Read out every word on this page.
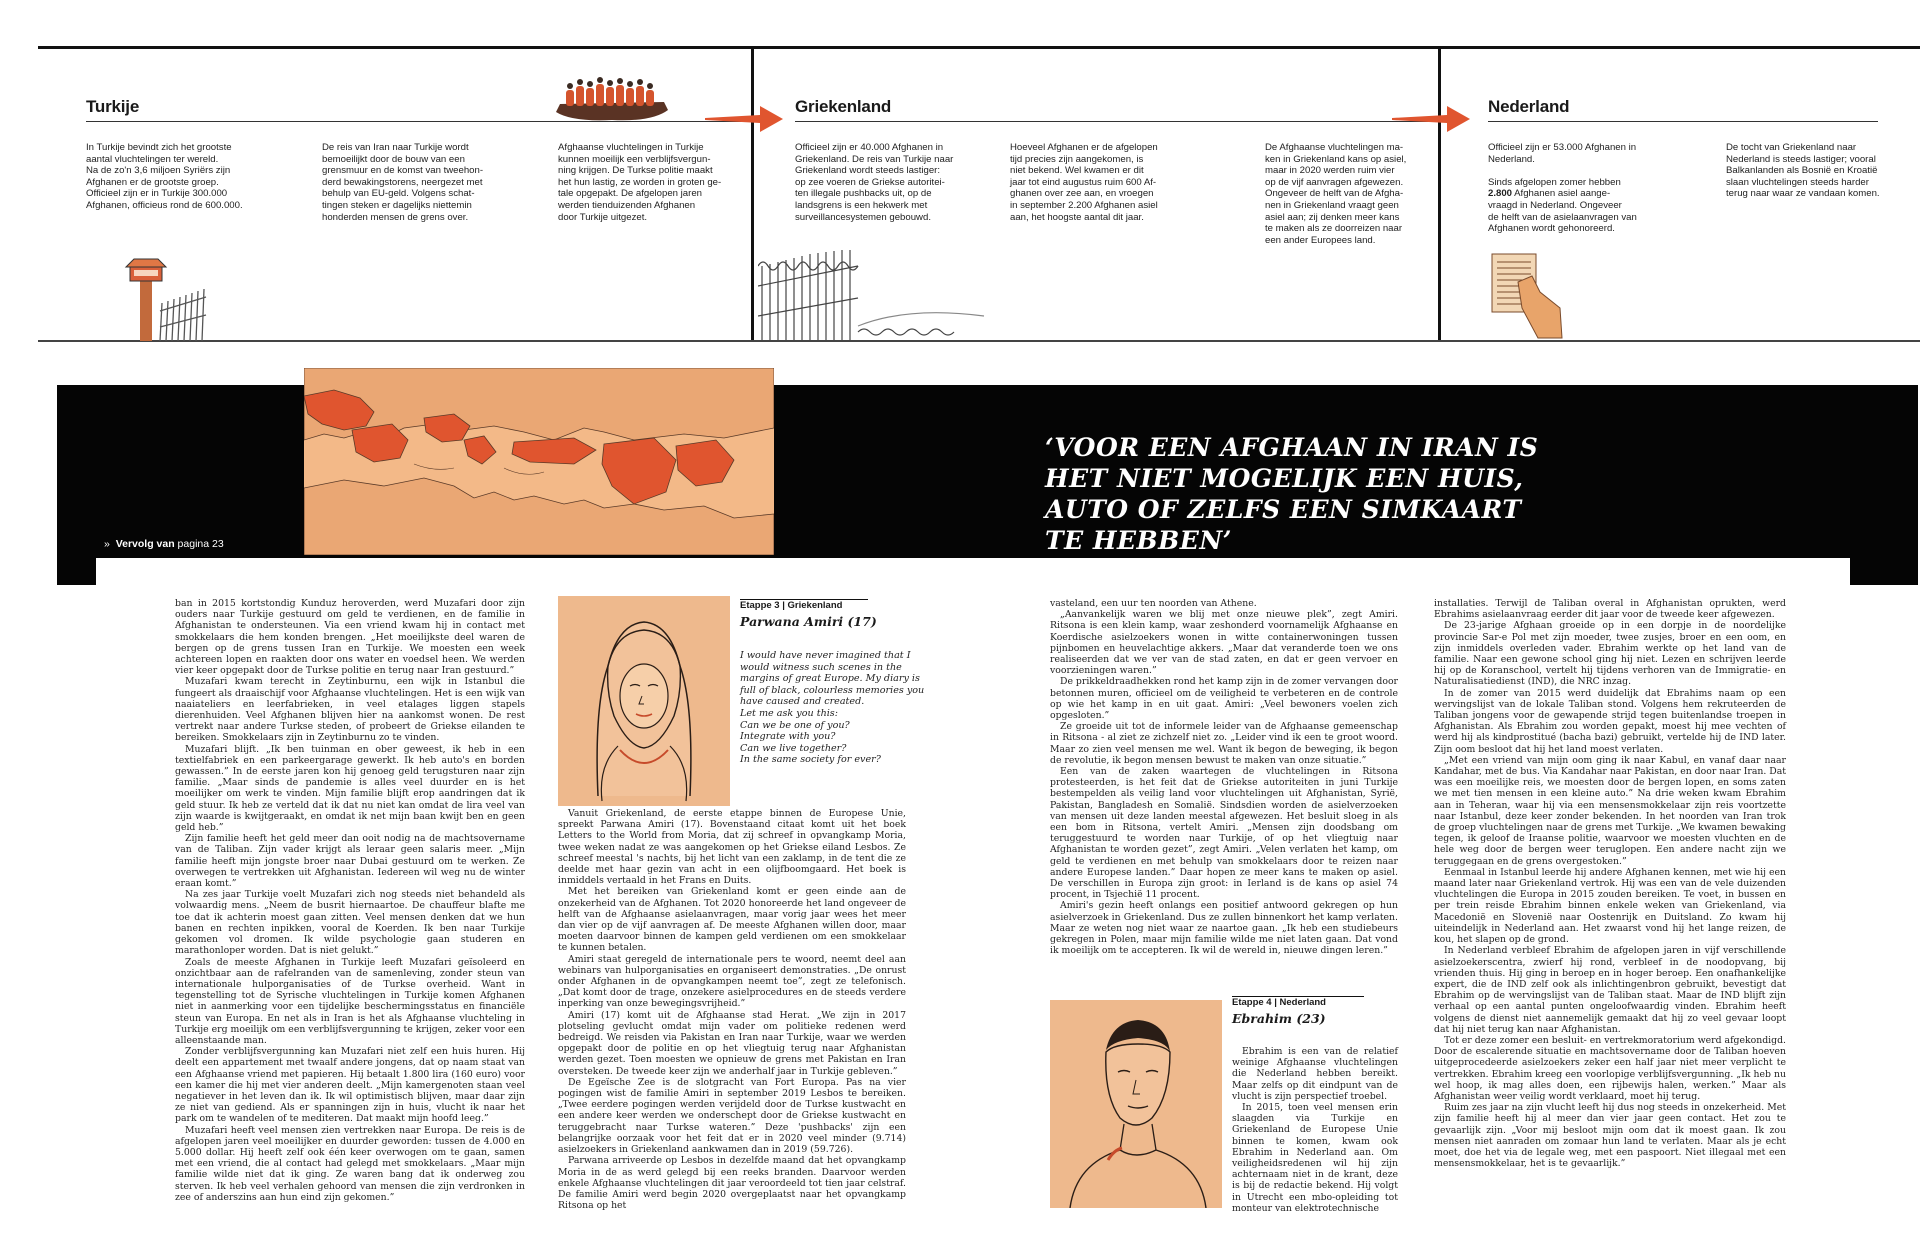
Turkije	Griekenland	Nederland
In Turkije bevindt zich het grootste
aantal vluchtelingen ter wereld.
Na de zo'n 3,6 miljoen Syriërs zijn
Afghanen er de grootste groep.
Officieel zijn er in Turkije 300.000
Afghanen, officieus rond de 600.000.
De reis van Iran naar Turkije wordt
bemoeilijkt door de bouw van een
grensmuur en de komst van tweehon-
derd bewakingstorens, neergezet met
behulp van EU-geld. Volgens schat-
tingen steken er dagelijks niettemin
honderden mensen de grens over.
Afghaanse vluchtelingen in Turkije
kunnen moeilijk een verblijfsvergun-
ning krijgen. De Turkse politie maakt
het hun lastig, ze worden in groten ge-
tale opgepakt. De afgelopen jaren
werden tienduizenden Afghanen
door Turkije uitgezet.
Officieel zijn er 40.000 Afghanen in
Griekenland. De reis van Turkije naar
Griekenland wordt steeds lastiger:
op zee voeren de Griekse autoritei-
ten illegale pushbacks uit, op de
landsgrens is een hekwerk met
surveillancesystemen gebouwd.
Hoeveel Afghanen er de afgelopen
tijd precies zijn aangekomen, is
niet bekend. Wel kwamen er dit
jaar tot eind augustus ruim 600 Af-
ghanen over zee aan, en vroegen
in september 2.200 Afghanen asiel
aan, het hoogste aantal dit jaar.
De Afghaanse vluchtelingen ma-
ken in Griekenland kans op asiel,
maar in 2020 werden ruim vier
op de vijf aanvragen afgewezen.
Ongeveer de helft van de Afgha-
nen in Griekenland vraagt geen
asiel aan; zij denken meer kans
te maken als ze doorreizen naar
een ander Europees land.
Officieel zijn er 53.000 Afghanen in
Nederland.

Sinds afgelopen zomer hebben
2.800 Afghanen asiel aange-
vraagd in Nederland. Ongeveer
de helft van de asielaanvragen van
Afghanen wordt gehonoreerd.
De tocht van Griekenland naar
Nederland is steeds lastiger; vooral
Balkanlanden als Bosnië en Kroatië
slaan vluchtelingen steeds harder
terug naar waar ze vandaan komen.
‘VOOR EEN AFGHAAN IN IRAN IS HET NIET MOGELIJK EEN HUIS, AUTO OF ZELFS EEN SIMKAART TE HEBBEN’
»  Vervolg van pagina 23

ban in 2015 kortstondig Kunduz heroverden, werd Muzafari door zijn ouders naar Turkije gestuurd om geld te verdienen, en de familie in Afghanistan te ondersteunen. Via een vriend kwam hij in contact met smokkelaars die hem konden brengen. „Het moeilijkste deel waren de bergen op de grens tussen Iran en Turkije. We moesten een week achtereen lopen en raakten door ons water en voedsel heen. We werden vier keer opgepakt door de Turkse politie en terug naar Iran gestuurd.”

Muzafari kwam terecht in Zeytinburnu, een wijk in Istanbul die fungeert als draaischijf voor Afghaanse vluchtelingen. Het is een wijk van naaiateliers en leerfabrieken, in veel etalages liggen stapels dierenhuiden. Veel Afghanen blijven hier na aankomst wonen. De rest vertrekt naar andere Turkse steden, of probeert de Griekse eilanden te bereiken. Smokkelaars zijn in Zeytinburnu zo te vinden.

Muzafari blijft. „Ik ben tuinman en ober geweest, ik heb in een textielfabriek en een parkeergarage gewerkt. Ik heb auto's en borden gewassen.” In de eerste jaren kon hij genoeg geld terugsturen naar zijn familie. „Maar sinds de pandemie is alles veel duurder en is het moeilijker om werk te vinden. Mijn familie blijft erop aandringen dat ik geld stuur. Ik heb ze verteld dat ik dat nu niet kan omdat de lira veel van zijn waarde is kwijtgeraakt, en omdat ik net mijn baan kwijt ben en geen geld heb.”

Zijn familie heeft het geld meer dan ooit nodig na de machtsovername van de Taliban. Zijn vader krijgt als leraar geen salaris meer. „Mijn familie heeft mijn jongste broer naar Dubai gestuurd om te werken. Ze overwegen te vertrekken uit Afghanistan. Iedereen wil weg nu de winter eraan komt.”

Na zes jaar Turkije voelt Muzafari zich nog steeds niet behandeld als volwaardig mens. „Neem de busrit hiernaartoe. De chauffeur blafte me toe dat ik achterin moest gaan zitten. Veel mensen denken dat we hun banen en rechten inpikken, vooral de Koerden. Ik ben naar Turkije gekomen vol dromen. Ik wilde psychologie gaan studeren en marathonloper worden. Dat is niet gelukt.”

Zoals de meeste Afghanen in Turkije leeft Muzafari geïsoleerd en onzichtbaar aan de rafelranden van de samenleving, zonder steun van internationale hulporganisaties of de Turkse overheid. Want in tegenstelling tot de Syrische vluchtelingen in Turkije komen Afghanen niet in aanmerking voor een tijdelijke beschermingsstatus en financiële steun van Europa. En net als in Iran is het als Afghaanse vluchteling in Turkije erg moeilijk om een verblijfsvergunning te krijgen, zeker voor een alleenstaande man.

Zonder verblijfsvergunning kan Muzafari niet zelf een huis huren. Hij deelt een appartement met twaalf andere jongens, dat op naam staat van een Afghaanse vriend met papieren. Hij betaalt 1.800 lira (160 euro) voor een kamer die hij met vier anderen deelt. „Mijn kamergenoten staan veel negatiever in het leven dan ik. Ik wil optimistisch blijven, maar daar zijn ze niet van gediend. Als er spanningen zijn in huis, vlucht ik naar het park om te wandelen of te mediteren. Dat maakt mijn hoofd leeg.”

Muzafari heeft veel mensen zien vertrekken naar Europa. De reis is de afgelopen jaren veel moeilijker en duurder geworden: tussen de 4.000 en 5.000 dollar. Hij heeft zelf ook één keer overwogen om te gaan, samen met een vriend, die al contact had gelegd met smokkelaars. „Maar mijn familie wilde niet dat ik ging. Ze waren bang dat ik onderweg zou sterven. Ik heb veel verhalen gehoord van mensen die zijn verdronken in zee of anderszins aan hun eind zijn gekomen.”

Etappe 3 | Griekenland
Parwana Amiri (17)
I would have never imagined that I
would witness such scenes in the
margins of great Europe. My diary is
full of black, colourless memories you
have caused and created.
Let me ask you this:
Can we be one of you?
Integrate with you?
Can we live together?
In the same society for ever?

Vanuit Griekenland, de eerste etappe binnen de Europese Unie, spreekt Parwana Amiri (17). Bovenstaand citaat komt uit het boek Letters to the World from Moria, dat zij schreef in opvangkamp Moria, twee weken nadat ze was aangekomen op het Griekse eiland Lesbos. Ze schreef meestal 's nachts, bij het licht van een zaklamp, in de tent die ze deelde met haar gezin van acht in een olijfboomgaard. Het boek is inmiddels vertaald in het Frans en Duits.

Met het bereiken van Griekenland komt er geen einde aan de onzekerheid van de Afghanen. Tot 2020 honoreerde het land ongeveer de helft van de Afghaanse asielaanvragen, maar vorig jaar wees het meer dan vier op de vijf aanvragen af. De meeste Afghanen willen door, maar moeten daarvoor binnen de kampen geld verdienen om een smokkelaar te kunnen betalen.

Amiri staat geregeld de internationale pers te woord, neemt deel aan webinars van hulporganisaties en organiseert demonstraties. „De onrust onder Afghanen in de opvangkampen neemt toe”, zegt ze telefonisch. „Dat komt door de trage, onzekere asielprocedures en de steeds verdere inperking van onze bewegingsvrijheid.”

Amiri (17) komt uit de Afghaanse stad Herat. „We zijn in 2017 plotseling gevlucht omdat mijn vader om politieke redenen werd bedreigd. We reisden via Pakistan en Iran naar Turkije, waar we werden opgepakt door de politie en op het vliegtuig terug naar Afghanistan werden gezet. Toen moesten we opnieuw de grens met Pakistan en Iran oversteken. De tweede keer zijn we anderhalf jaar in Turkije gebleven.”

De Egeïsche Zee is de slotgracht van Fort Europa. Pas na vier pogingen wist de familie Amiri in september 2019 Lesbos te bereiken. „Twee eerdere pogingen werden verijdeld door de Turkse kustwacht en een andere keer werden we onderschept door de Griekse kustwacht en teruggebracht naar Turkse wateren.” Deze 'pushbacks' zijn een belangrijke oorzaak voor het feit dat er in 2020 veel minder (9.714) asielzoekers in Griekenland aankwamen dan in 2019 (59.726).

Parwana arriveerde op Lesbos in dezelfde maand dat het opvangkamp Moria in de as werd gelegd bij een reeks branden. Daarvoor werden enkele Afghaanse vluchtelingen dit jaar veroordeeld tot tien jaar celstraf. De familie Amiri werd begin 2020 overgeplaatst naar het opvangkamp Ritsona op het

vasteland, een uur ten noorden van Athene.

„Aanvankelijk waren we blij met onze nieuwe plek”, zegt Amiri. Ritsona is een klein kamp, waar zeshonderd voornamelijk Afghaanse en Koerdische asielzoekers wonen in witte containerwoningen tussen pijnbomen en heuvelachtige akkers. „Maar dat veranderde toen we ons realiseerden dat we ver van de stad zaten, en dat er geen vervoer en voorzieningen waren.”

De prikkeldraadhekken rond het kamp zijn in de zomer vervangen door betonnen muren, officieel om de veiligheid te verbeteren en de controle op wie het kamp in en uit gaat. Amiri: „Veel bewoners voelen zich opgesloten.”

Ze groeide uit tot de informele leider van de Afghaanse gemeenschap in Ritsona - al ziet ze zichzelf niet zo. „Leider vind ik een te groot woord. Maar zo zien veel mensen me wel. Want ik begon de beweging, ik begon de revolutie, ik begon mensen bewust te maken van onze situatie.”

Een van de zaken waartegen de vluchtelingen in Ritsona protesteerden, is het feit dat de Griekse autoriteiten in juni Turkije bestempelden als veilig land voor vluchtelingen uit Afghanistan, Syrië, Pakistan, Bangladesh en Somalië. Sindsdien worden de asielverzoeken van mensen uit deze landen meestal afgewezen. Het besluit sloeg in als een bom in Ritsona, vertelt Amiri. „Mensen zijn doodsbang om teruggestuurd te worden naar Turkije, of op het vliegtuig naar Afghanistan te worden gezet”, zegt Amiri. „Velen verlaten het kamp, om geld te verdienen en met behulp van smokkelaars door te reizen naar andere Europese landen.” Daar hopen ze meer kans te maken op asiel. De verschillen in Europa zijn groot: in Ierland is de kans op asiel 74 procent, in Tsjechië 11 procent.

Amiri's gezin heeft onlangs een positief antwoord gekregen op hun asielverzoek in Griekenland. Dus ze zullen binnenkort het kamp verlaten. Maar ze weten nog niet waar ze naartoe gaan. „Ik heb een studiebeurs gekregen in Polen, maar mijn familie wilde me niet laten gaan. Dat vond ik moeilijk om te accepteren. Ik wil de wereld in, nieuwe dingen leren.”

Etappe 4 | Nederland
Ebrahim (23)

Ebrahim is een van de relatief weinige Afghaanse vluchtelingen die Nederland hebben bereikt. Maar zelfs op dit eindpunt van de vlucht is zijn perspectief troebel.

In 2015, toen veel mensen erin slaagden via Turkije en Griekenland de Europese Unie binnen te komen, kwam ook Ebrahim in Nederland aan. Om veiligheidsredenen wil hij zijn achternaam niet in de krant, deze is bij de redactie bekend. Hij volgt in Utrecht een mbo-opleiding tot monteur van elektrotechnische

installaties. Terwijl de Taliban overal in Afghanistan oprukten, werd Ebrahims asielaanvraag eerder dit jaar voor de tweede keer afgewezen.

De 23-jarige Afghaan groeide op in een dorpje in de noordelijke provincie Sar-e Pol met zijn moeder, twee zusjes, broer en een oom, en zijn inmiddels overleden vader. Ebrahim werkte op het land van de familie. Naar een gewone school ging hij niet. Lezen en schrijven leerde hij op de Koranschool, vertelt hij tijdens verhoren van de Immigratie- en Naturalisatiedienst (IND), die NRC inzag.

In de zomer van 2015 werd duidelijk dat Ebrahims naam op een wervingslijst van de lokale Taliban stond. Volgens hem rekruteerden de Taliban jongens voor de gewapende strijd tegen buitenlandse troepen in Afghanistan. Als Ebrahim zou worden gepakt, moest hij mee vechten of werd hij als kindprostitué (bacha bazi) gebruikt, vertelde hij de IND later. Zijn oom besloot dat hij het land moest verlaten.

„Met een vriend van mijn oom ging ik naar Kabul, en vanaf daar naar Kandahar, met de bus. Via Kandahar naar Pakistan, en door naar Iran. Dat was een moeilijke reis, we moesten door de bergen lopen, en soms zaten we met tien mensen in een kleine auto.” Na drie weken kwam Ebrahim aan in Teheran, waar hij via een mensensmokkelaar zijn reis voortzette naar Istanbul, deze keer zonder bekenden. In het noorden van Iran trok de groep vluchtelingen naar de grens met Turkije. „We kwamen bewaking tegen, ik geloof de Iraanse politie, waarvoor we moesten vluchten en de hele weg door de bergen weer teruglopen. Een andere nacht zijn we teruggegaan en de grens overgestoken.”

Eenmaal in Istanbul leerde hij andere Afghanen kennen, met wie hij een maand later naar Griekenland vertrok. Hij was een van de vele duizenden vluchtelingen die Europa in 2015 zouden bereiken. Te voet, in bussen en per trein reisde Ebrahim binnen enkele weken van Griekenland, via Macedonië en Slovenië naar Oostenrijk en Duitsland. Zo kwam hij uiteindelijk in Nederland aan. Het zwaarst vond hij het lange reizen, de kou, het slapen op de grond.

In Nederland verbleef Ebrahim de afgelopen jaren in vijf verschillende asielzoekerscentra, zwierf hij rond, verbleef in de noodopvang, bij vrienden thuis. Hij ging in beroep en in hoger beroep. Een onafhankelijke expert, die de IND zelf ook als inlichtingenbron gebruikt, bevestigt dat Ebrahim op de wervingslijst van de Taliban staat. Maar de IND blijft zijn verhaal op een aantal punten ongeloofwaardig vinden. Ebrahim heeft volgens de dienst niet aannemelijk gemaakt dat hij zo veel gevaar loopt dat hij niet terug kan naar Afghanistan.

Tot er deze zomer een besluit- en vertrekmoratorium werd afgekondigd. Door de escalerende situatie en machtsovername door de Taliban hoeven uitgeprocedeerde asielzoekers zeker een half jaar niet meer verplicht te vertrekken. Ebrahim kreeg een voorlopige verblijfsvergunning. „Ik heb nu wel hoop, ik mag alles doen, een rijbewijs halen, werken.” Maar als Afghanistan weer veilig wordt verklaard, moet hij terug.

Ruim zes jaar na zijn vlucht leeft hij dus nog steeds in onzekerheid. Met zijn familie heeft hij al meer dan vier jaar geen contact. Het zou te gevaarlijk zijn. „Voor mij besloot mijn oom dat ik moest gaan. Ik zou mensen niet aanraden om zomaar hun land te verlaten. Maar als je echt moet, doe het via de legale weg, met een paspoort. Niet illegaal met een mensensmokkelaar, het is te gevaarlijk.”
